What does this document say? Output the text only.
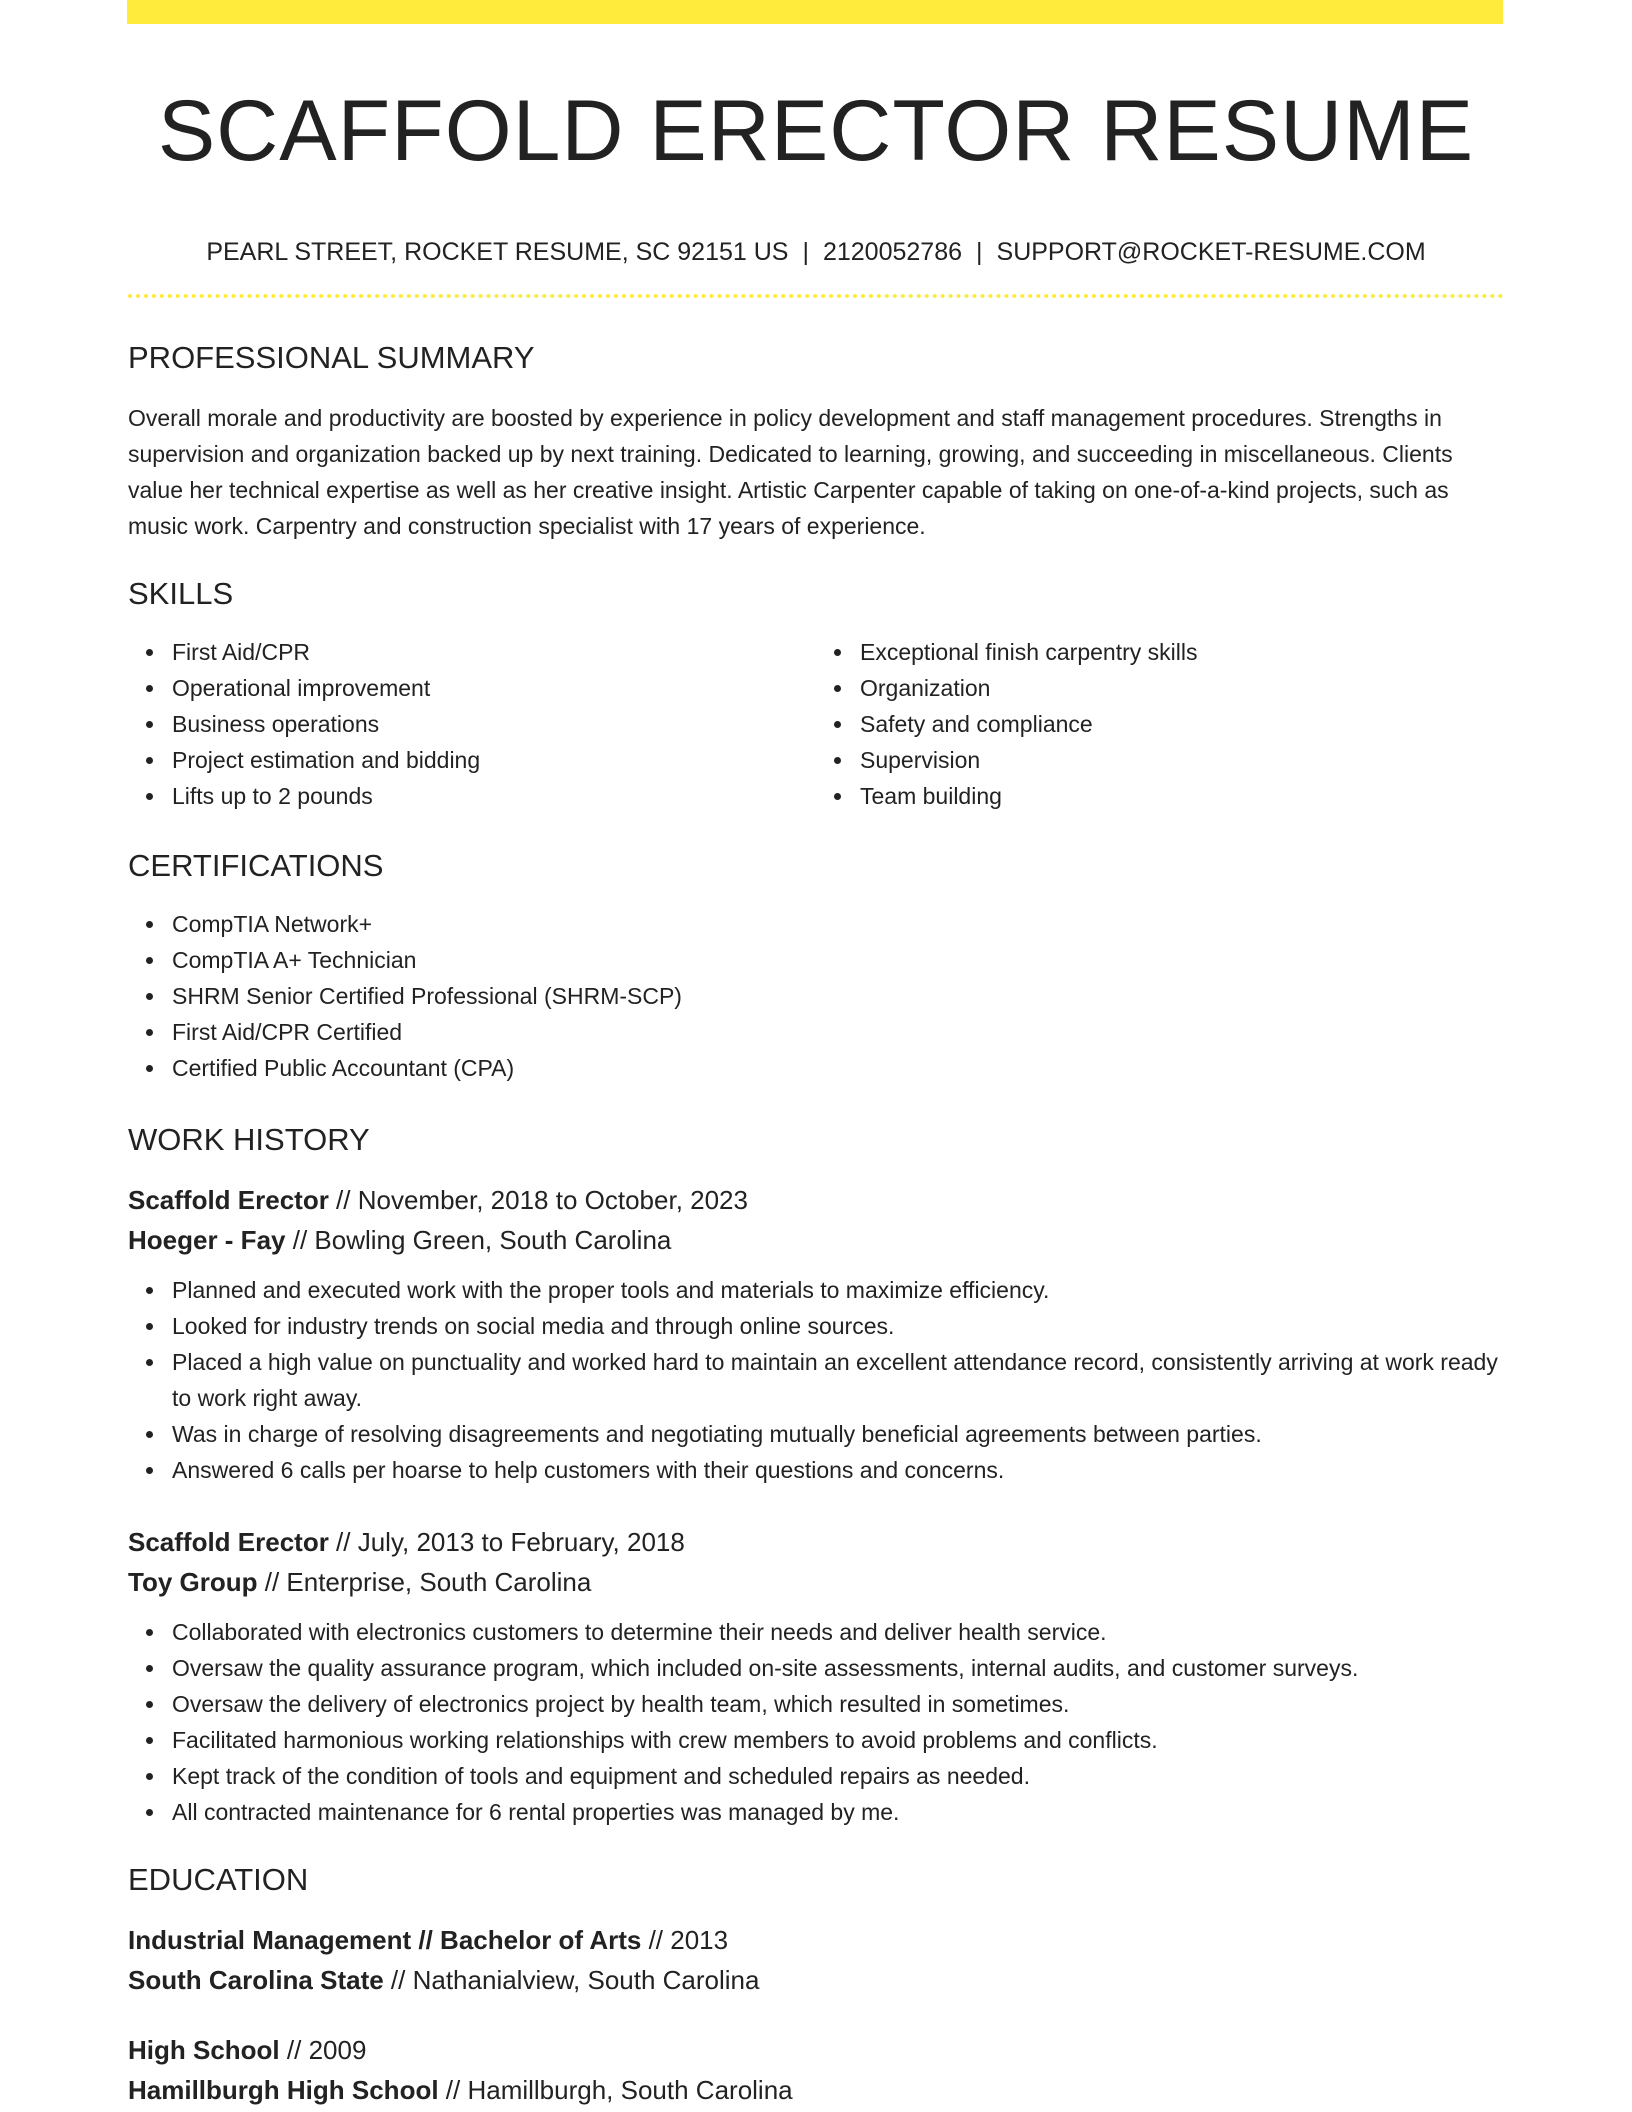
SCAFFOLD ERECTOR RESUME
PEARL STREET, ROCKET RESUME, SC 92151 US | 2120052786 | SUPPORT@ROCKET-RESUME.COM
PROFESSIONAL SUMMARY

Overall morale and productivity are boosted by experience in policy development and staff management procedures. Strengths in supervision and organization backed up by next training. Dedicated to learning, growing, and succeeding in miscellaneous. Clients value her technical expertise as well as her creative insight. Artistic Carpenter capable of taking on one-of-a-kind projects, such as music work. Carpentry and construction specialist with 17 years of experience.

SKILLS
First Aid/CPR
Operational improvement
Business operations
Project estimation and bidding
Lifts up to 2 pounds
Exceptional finish carpentry skills
Organization
Safety and compliance
Supervision
Team building
CERTIFICATIONS
CompTIA Network+
CompTIA A+ Technician
SHRM Senior Certified Professional (SHRM-SCP)
First Aid/CPR Certified
Certified Public Accountant (CPA)
WORK HISTORY
Scaffold Erector // November, 2018 to October, 2023
Hoeger - Fay // Bowling Green, South Carolina
Planned and executed work with the proper tools and materials to maximize efficiency.
Looked for industry trends on social media and through online sources.
Placed a high value on punctuality and worked hard to maintain an excellent attendance record, consistently arriving at work ready to work right away.
Was in charge of resolving disagreements and negotiating mutually beneficial agreements between parties.
Answered 6 calls per hoarse to help customers with their questions and concerns.
Scaffold Erector // July, 2013 to February, 2018
Toy Group // Enterprise, South Carolina
Collaborated with electronics customers to determine their needs and deliver health service.
Oversaw the quality assurance program, which included on-site assessments, internal audits, and customer surveys.
Oversaw the delivery of electronics project by health team, which resulted in sometimes.
Facilitated harmonious working relationships with crew members to avoid problems and conflicts.
Kept track of the condition of tools and equipment and scheduled repairs as needed.
All contracted maintenance for 6 rental properties was managed by me.
EDUCATION
Industrial Management // Bachelor of Arts // 2013
South Carolina State // Nathanialview, South Carolina
High School // 2009
Hamillburgh High School // Hamillburgh, South Carolina
